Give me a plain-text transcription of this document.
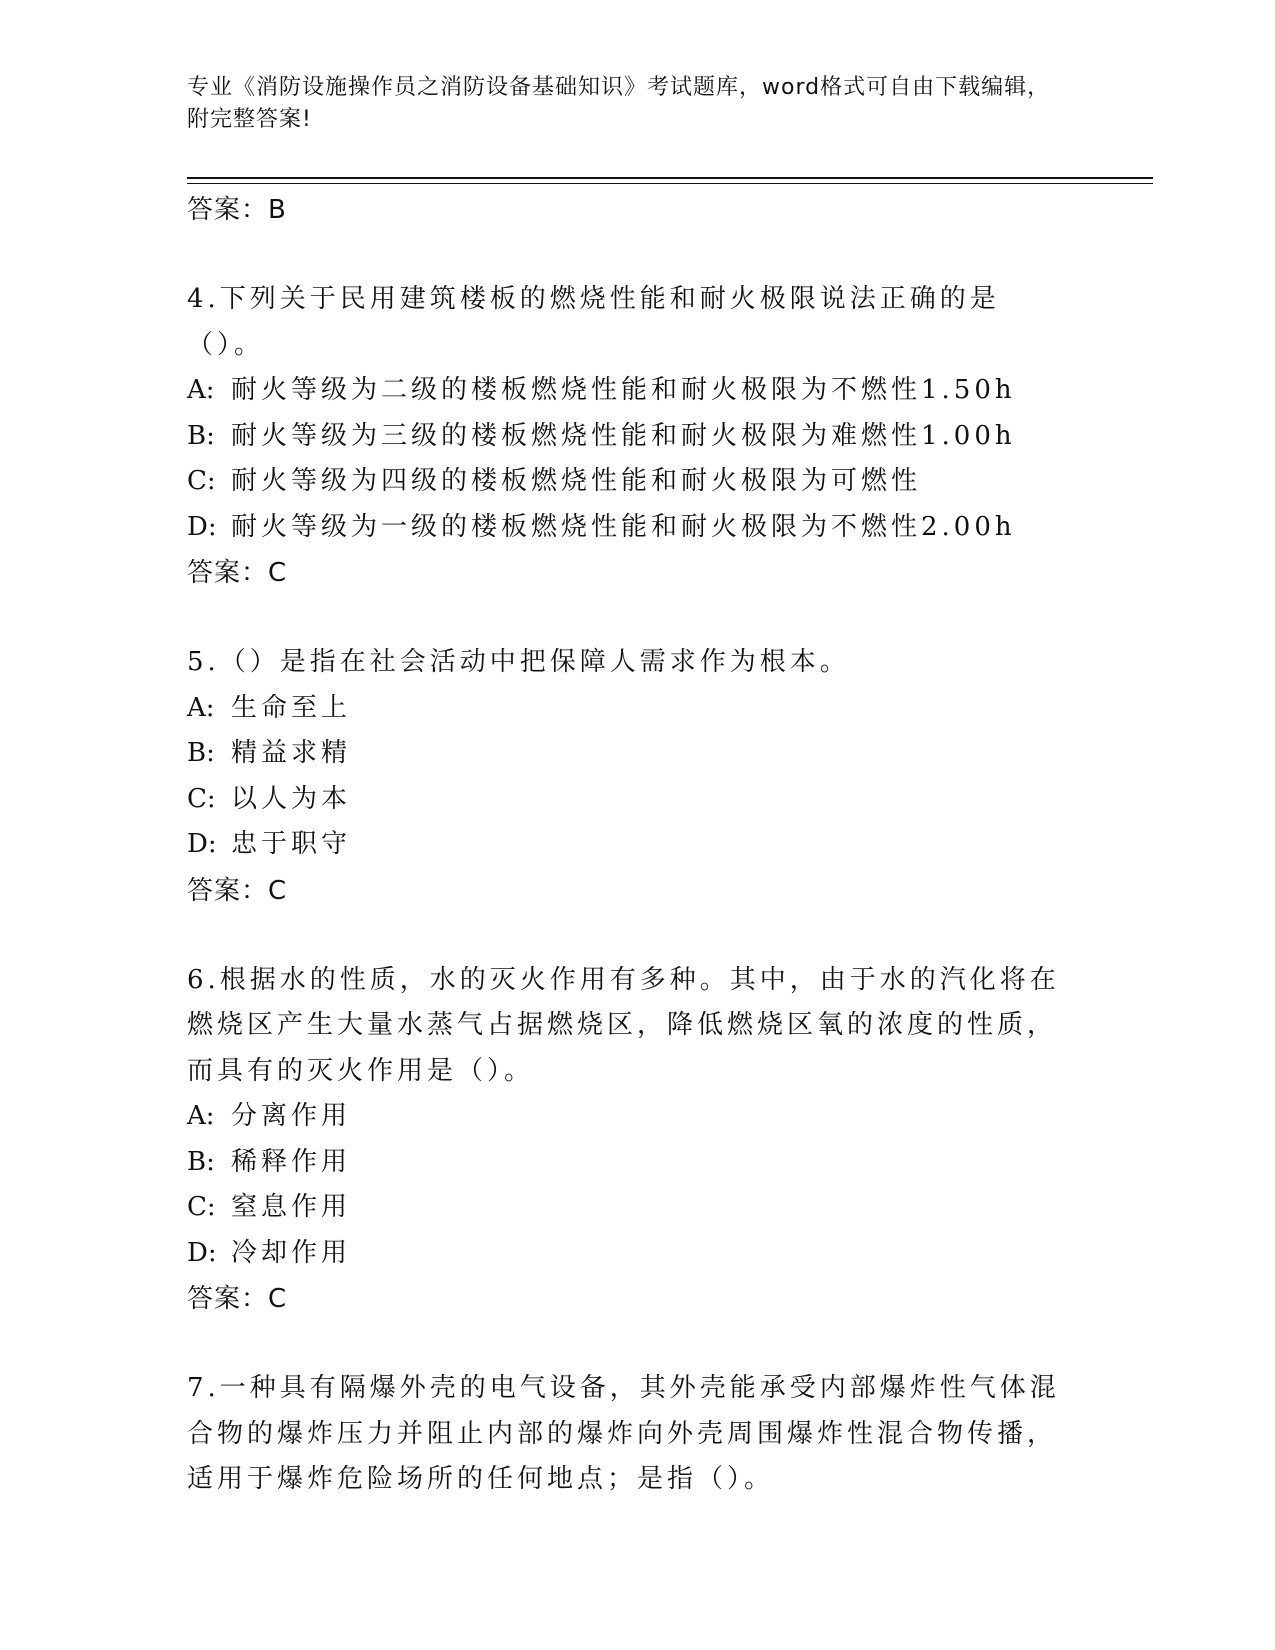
专业《消防设施操作员之消防设备基础知识》考试题库，word格式可自由下载编辑，附完整答案!
答案：B
4.下列关于民用建筑楼板的燃烧性能和耐火极限说法正确的是（）。
A: 耐火等级为二级的楼板燃烧性能和耐火极限为不燃性1.50h
B: 耐火等级为三级的楼板燃烧性能和耐火极限为难燃性1.00h
C: 耐火等级为四级的楼板燃烧性能和耐火极限为可燃性
D: 耐火等级为一级的楼板燃烧性能和耐火极限为不燃性2.00h
答案：C
5.（）是指在社会活动中把保障人需求作为根本。
A: 生命至上
B: 精益求精
C: 以人为本
D: 忠于职守
答案：C
6.根据水的性质，水的灭火作用有多种。其中，由于水的汽化将在燃烧区产生大量水蒸气占据燃烧区，降低燃烧区氧的浓度的性质，而具有的灭火作用是（）。
A: 分离作用
B: 稀释作用
C: 窒息作用
D: 冷却作用
答案：C
7.一种具有隔爆外壳的电气设备，其外壳能承受内部爆炸性气体混合物的爆炸压力并阻止内部的爆炸向外壳周围爆炸性混合物传播，适用于爆炸危险场所的任何地点；是指（）。
